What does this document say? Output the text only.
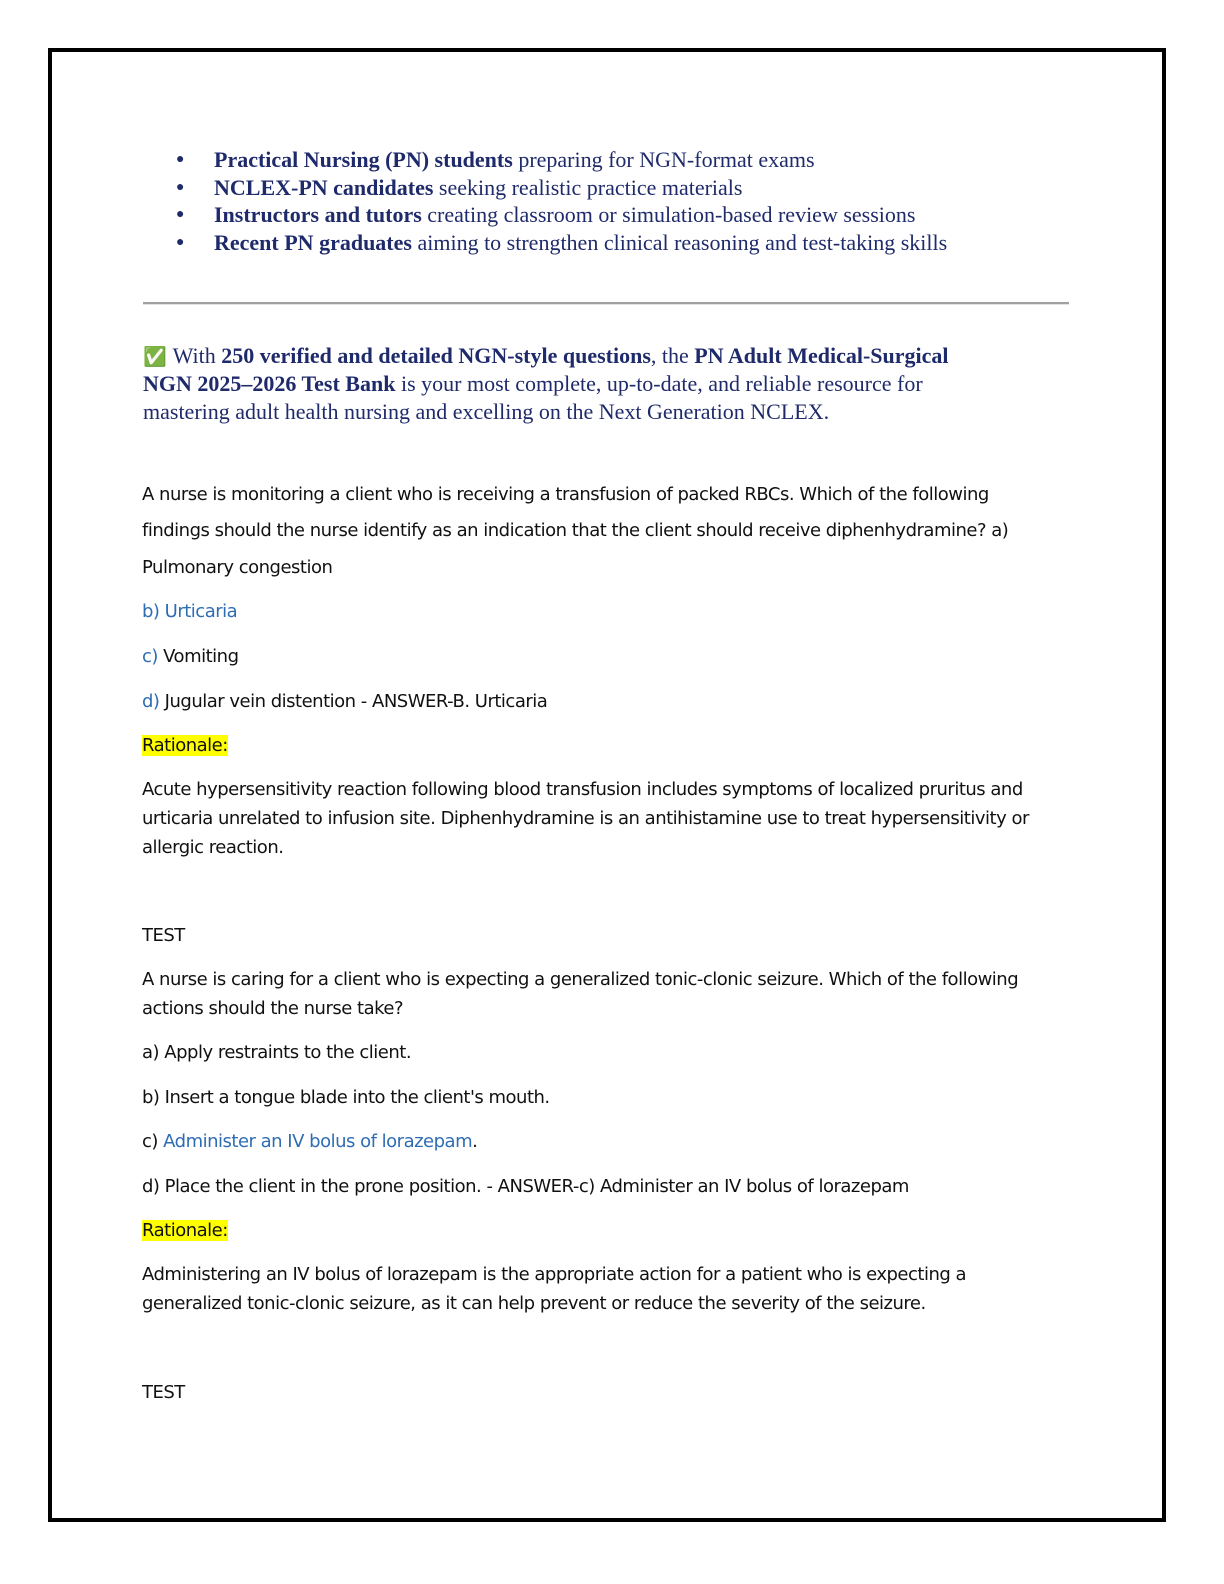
● Practical Nursing (PN) students preparing for NGN-format exams
● NCLEX-PN candidates seeking realistic practice materials
● Instructors and tutors creating classroom or simulation-based review sessions
● Recent PN graduates aiming to strengthen clinical reasoning and test-taking skills
✅ With 250 verified and detailed NGN-style questions, the PN Adult Medical-Surgical
NGN 2025–2026 Test Bank is your most complete, up-to-date, and reliable resource for
mastering adult health nursing and excelling on the Next Generation NCLEX.
A nurse is monitoring a client who is receiving a transfusion of packed RBCs. Which of the following
findings should the nurse identify as an indication that the client should receive diphenhydramine? a)
Pulmonary congestion
b) Urticaria
c) Vomiting
d) Jugular vein distention - ANSWER-B. Urticaria
Rationale:
Acute hypersensitivity reaction following blood transfusion includes symptoms of localized pruritus and
urticaria unrelated to infusion site. Diphenhydramine is an antihistamine use to treat hypersensitivity or
allergic reaction.
TEST
A nurse is caring for a client who is expecting a generalized tonic-clonic seizure. Which of the following
actions should the nurse take?
a) Apply restraints to the client.
b) Insert a tongue blade into the client's mouth.
c) Administer an IV bolus of lorazepam.
d) Place the client in the prone position. - ANSWER-c) Administer an IV bolus of lorazepam
Rationale:
Administering an IV bolus of lorazepam is the appropriate action for a patient who is expecting a
generalized tonic-clonic seizure, as it can help prevent or reduce the severity of the seizure.
TEST
